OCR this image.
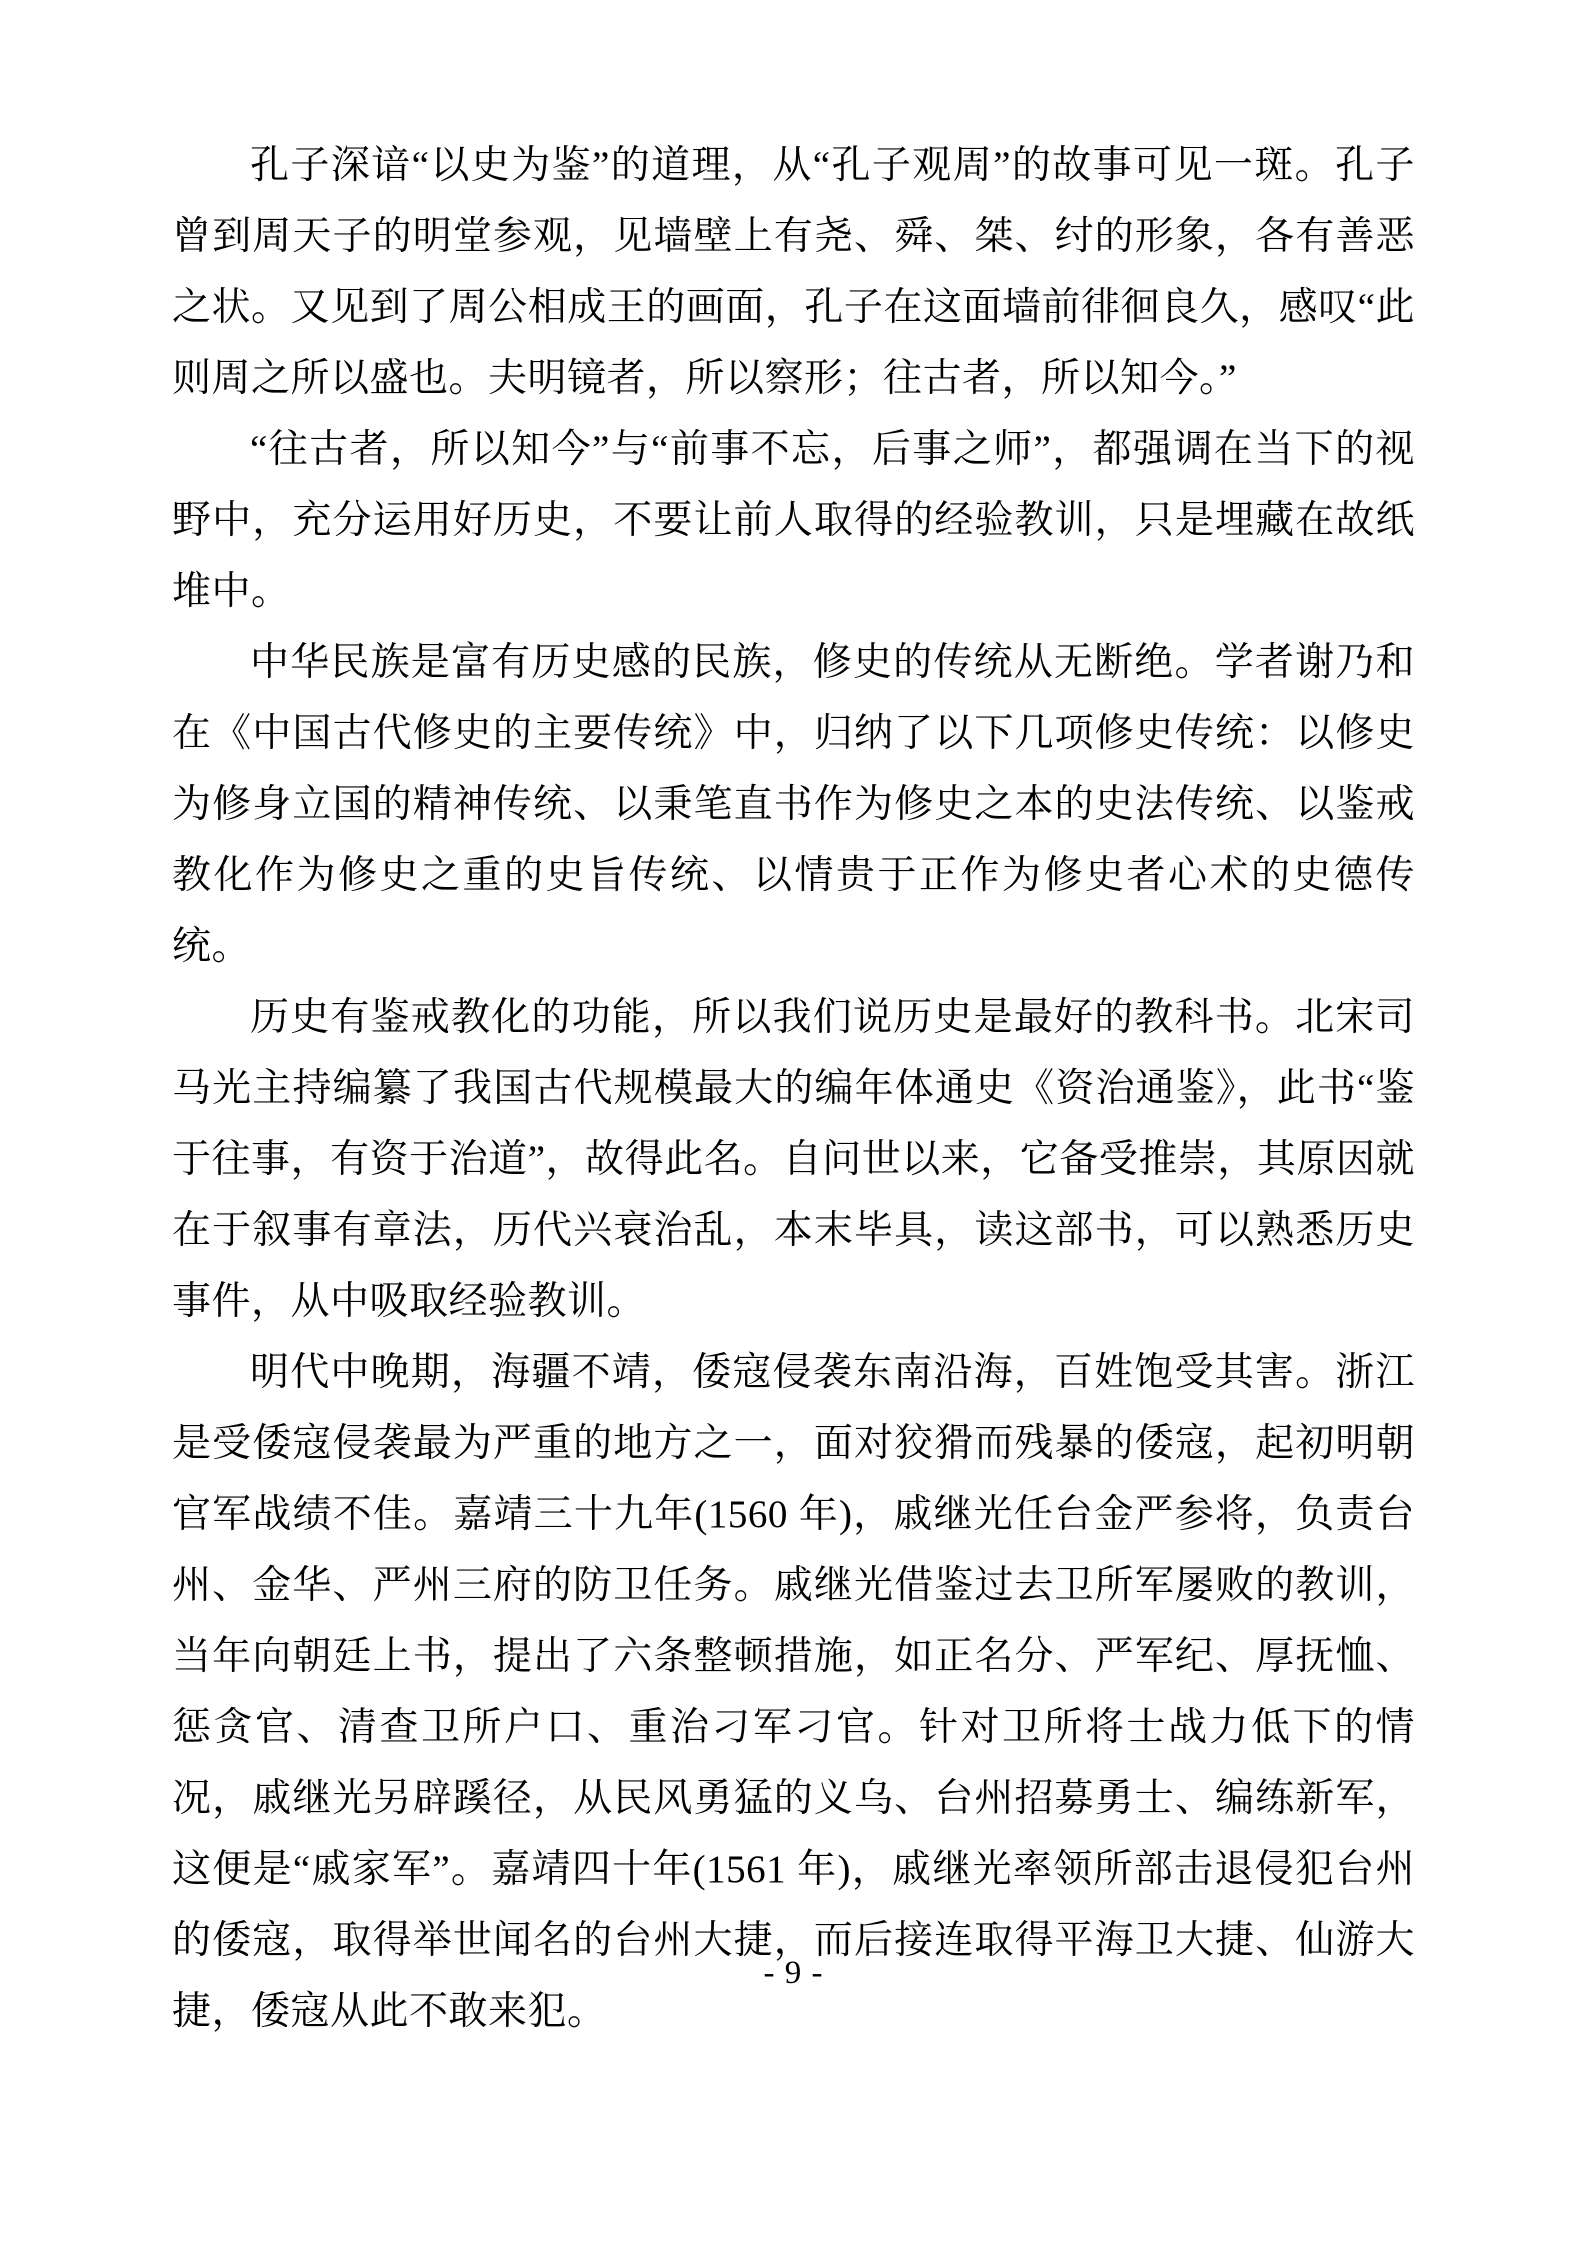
孔子深谙“以史为鉴”的道理，从“孔子观周”的故事可见一斑。孔子曾到周天子的明堂参观，见墙壁上有尧、舜、桀、纣的形象，各有善恶之状。又见到了周公相成王的画面，孔子在这面墙前徘徊良久，感叹“此则周之所以盛也。夫明镜者，所以察形；往古者，所以知今。”

“往古者，所以知今”与“前事不忘，后事之师”，都强调在当下的视野中，充分运用好历史，不要让前人取得的经验教训，只是埋藏在故纸堆中。

中华民族是富有历史感的民族，修史的传统从无断绝。学者谢乃和在《中国古代修史的主要传统》中，归纳了以下几项修史传统：以修史为修身立国的精神传统、以秉笔直书作为修史之本的史法传统、以鉴戒教化作为修史之重的史旨传统、以情贵于正作为修史者心术的史德传统。

历史有鉴戒教化的功能，所以我们说历史是最好的教科书。北宋司马光主持编纂了我国古代规模最大的编年体通史《资治通鉴》，此书“鉴于往事，有资于治道”，故得此名。自问世以来，它备受推崇，其原因就在于叙事有章法，历代兴衰治乱，本末毕具，读这部书，可以熟悉历史事件，从中吸取经验教训。

明代中晚期，海疆不靖，倭寇侵袭东南沿海，百姓饱受其害。浙江是受倭寇侵袭最为严重的地方之一，面对狡猾而残暴的倭寇，起初明朝官军战绩不佳。嘉靖三十九年(1560 年)，戚继光任台金严参将，负责台州、金华、严州三府的防卫任务。戚继光借鉴过去卫所军屡败的教训，当年向朝廷上书，提出了六条整顿措施，如正名分、严军纪、厚抚恤、惩贪官、清查卫所户口、重治刁军刁官。针对卫所将士战力低下的情况，戚继光另辟蹊径，从民风勇猛的义乌、台州招募勇士、编练新军，这便是“戚家军”。嘉靖四十年(1561 年)，戚继光率领所部击退侵犯台州的倭寇，取得举世闻名的台州大捷，而后接连取得平海卫大捷、仙游大捷，倭寇从此不敢来犯。

- 9 -
